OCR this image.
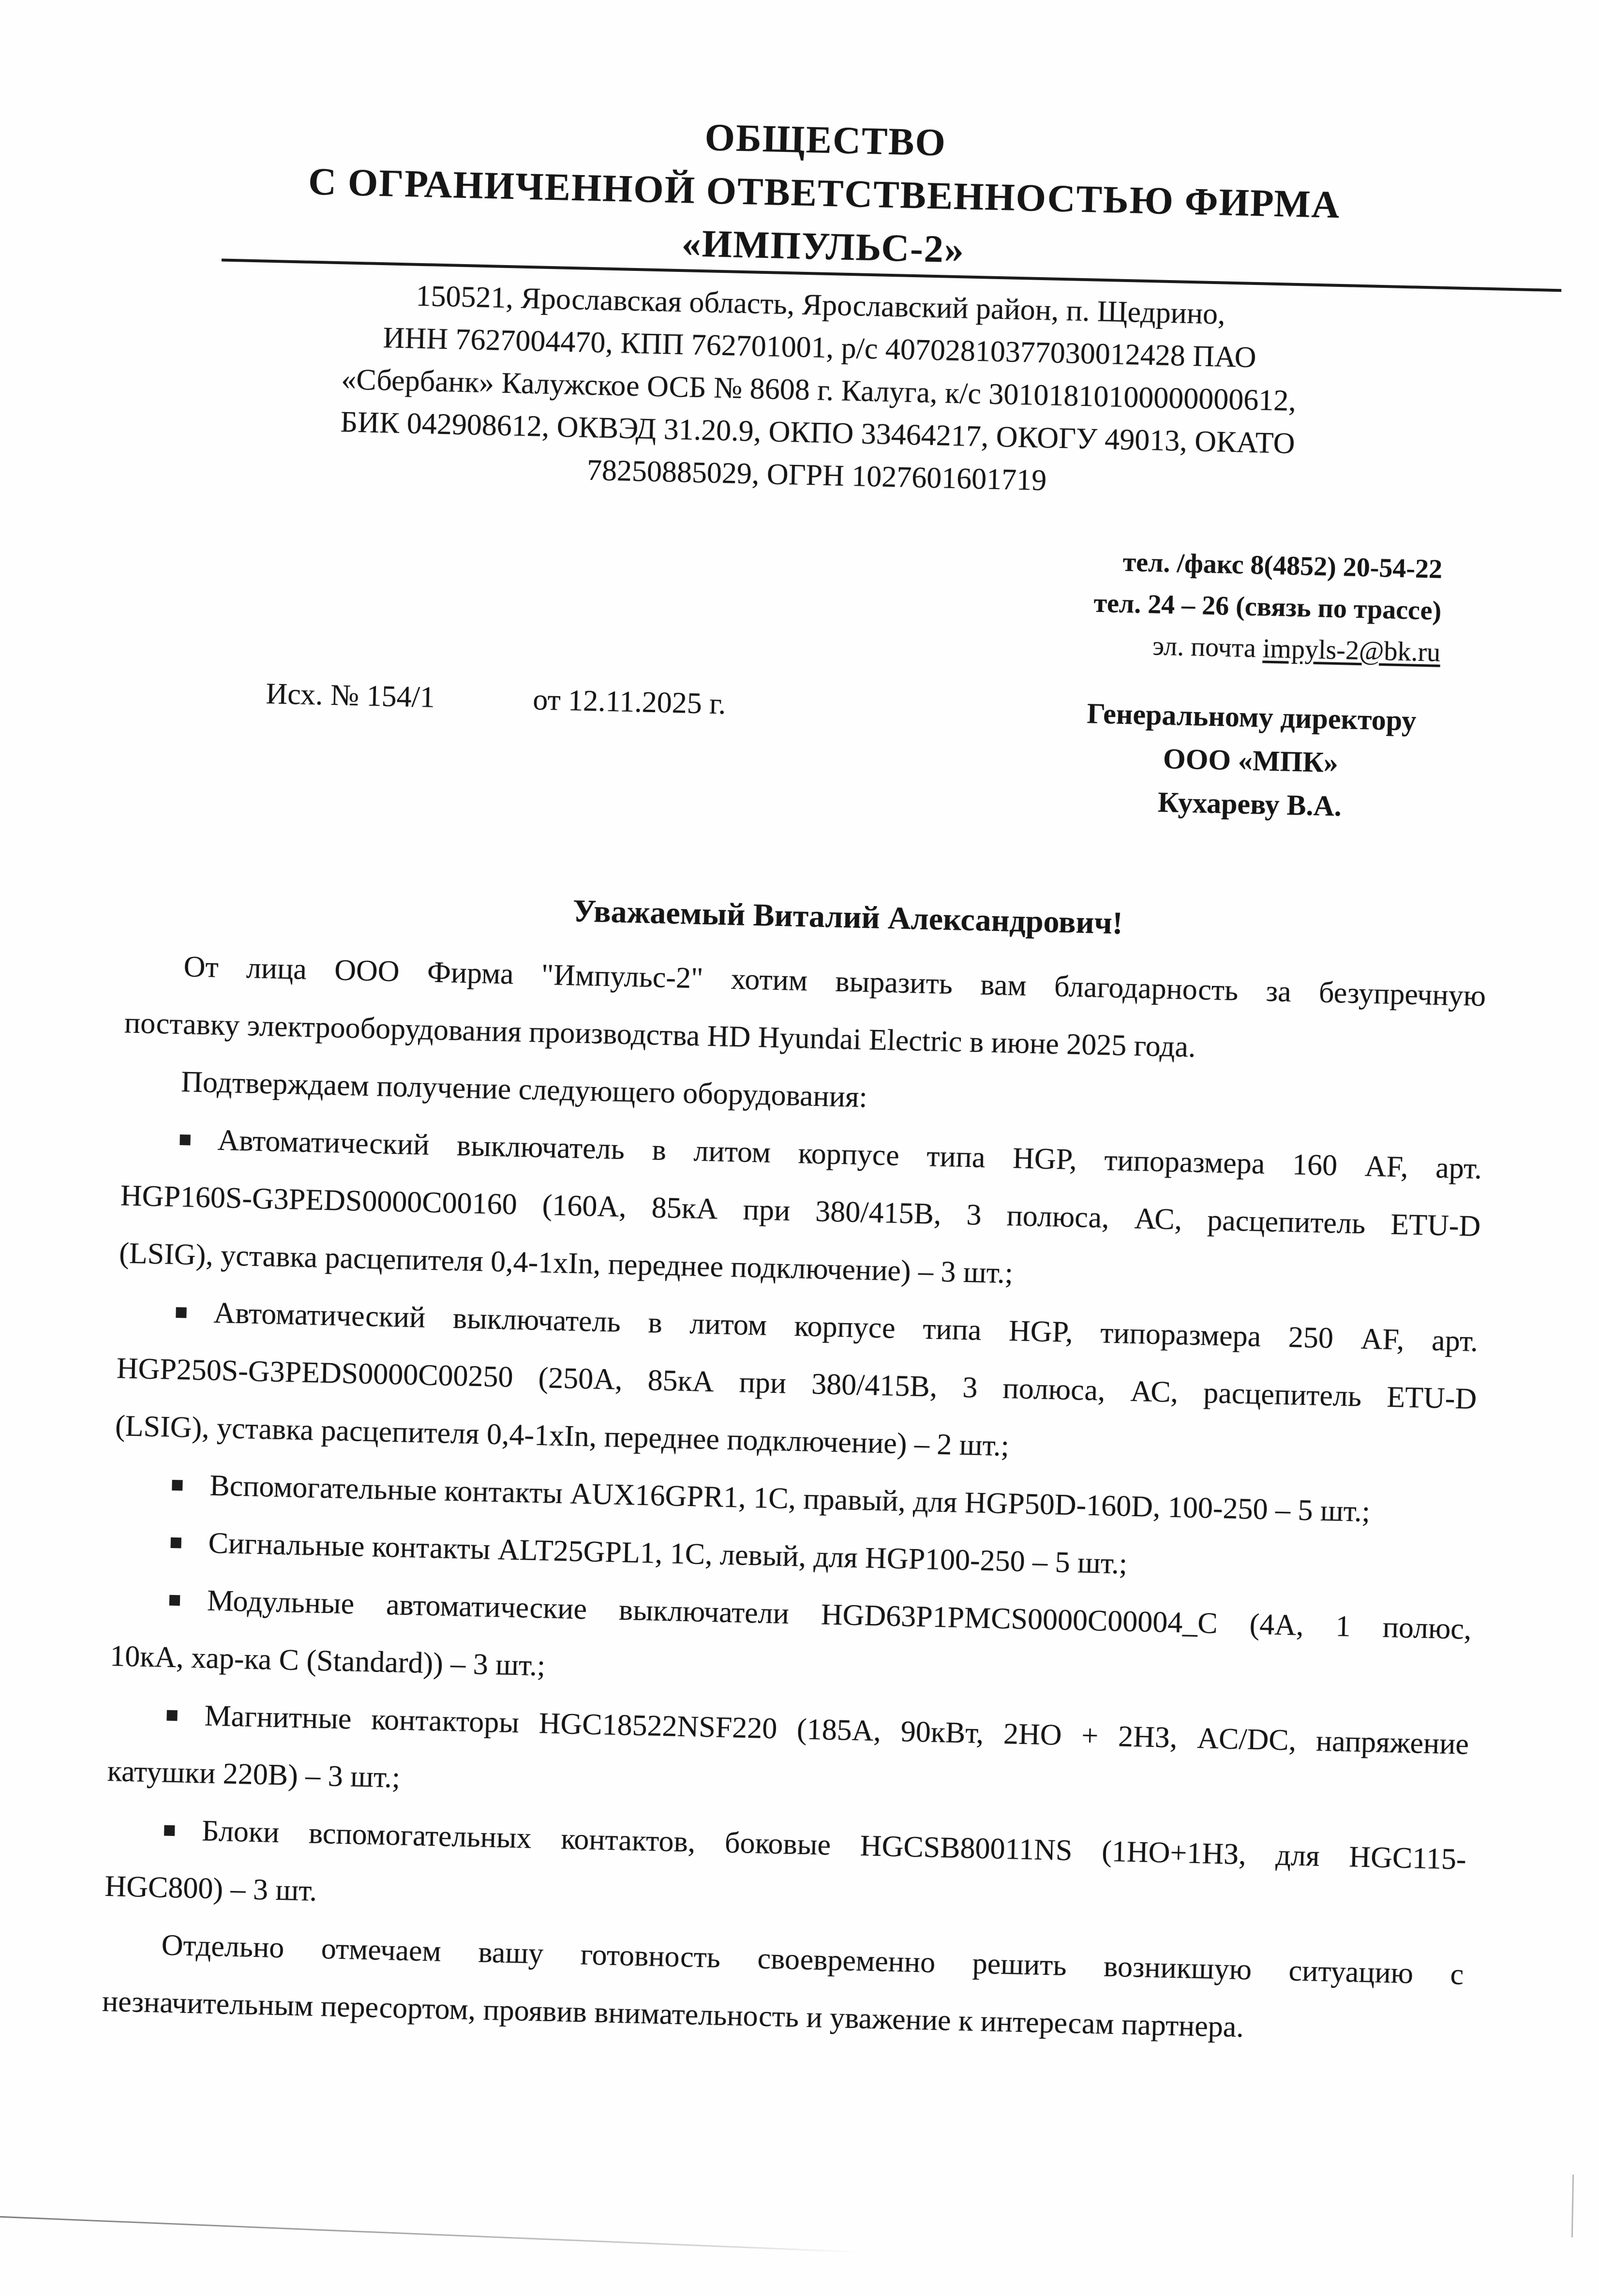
ОБЩЕСТВО
С ОГРАНИЧЕННОЙ ОТВЕТСТВЕННОСТЬЮ ФИРМА
«ИМПУЛЬС-2»
150521, Ярославская область, Ярославский район, п. Щедрино,
ИНН 7627004470, КПП 762701001, р/с 40702810377030012428 ПАО
«Сбербанк» Калужское ОСБ № 8608 г. Калуга, к/с 30101810100000000612,
БИК 042908612, ОКВЭД 31.20.9, ОКПО 33464217, ОКОГУ 49013, ОКАТО
78250885029, ОГРН 1027601601719
тел. /факс 8(4852) 20-54-22
тел. 24 – 26 (связь по трассе)
эл. почта impyls-2@bk.ru
Исх. № 154/1	от 12.11.2025 г.	Генеральному директору
ООО «МПК»
Кухареву В.А.
Уважаемый Виталий Александрович!
От лица ООО Фирма "Импульс-2" хотим выразить вам благодарность за безупречную
поставку электрооборудования производства HD Hyundai Electric в июне 2025 года.
Подтверждаем получение следующего оборудования:
Автоматический выключатель в литом корпусе типа HGP, типоразмера 160 AF, арт.
HGP160S-G3PEDS0000C00160 (160А, 85кА при 380/415В, 3 полюса, АС, расцепитель ETU-D
(LSIG), уставка расцепителя 0,4-1xIn, переднее подключение) – 3 шт.;
Автоматический выключатель в литом корпусе типа HGP, типоразмера 250 AF, арт.
HGP250S-G3PEDS0000C00250 (250А, 85кА при 380/415В, 3 полюса, АС, расцепитель ETU-D
(LSIG), уставка расцепителя 0,4-1xIn, переднее подключение) – 2 шт.;
Вспомогательные контакты AUX16GPR1, 1С, правый, для HGP50D-160D, 100-250 – 5 шт.;
Сигнальные контакты ALT25GPL1, 1С, левый, для HGP100-250 – 5 шт.;
Модульные автоматические выключатели HGD63P1PMCS0000C00004_C (4А, 1 полюс,
10кА, хар-ка С (Standard)) – 3 шт.;
Магнитные контакторы HGC18522NSF220 (185А, 90кВт, 2НО + 2НЗ, AC/DC, напряжение
катушки 220В) – 3 шт.;
Блоки вспомогательных контактов, боковые HGCSB80011NS (1НО+1НЗ, для HGC115-
HGC800) – 3 шт.
Отдельно отмечаем вашу готовность своевременно решить возникшую ситуацию с
незначительным пересортом, проявив внимательность и уважение к интересам партнера.
